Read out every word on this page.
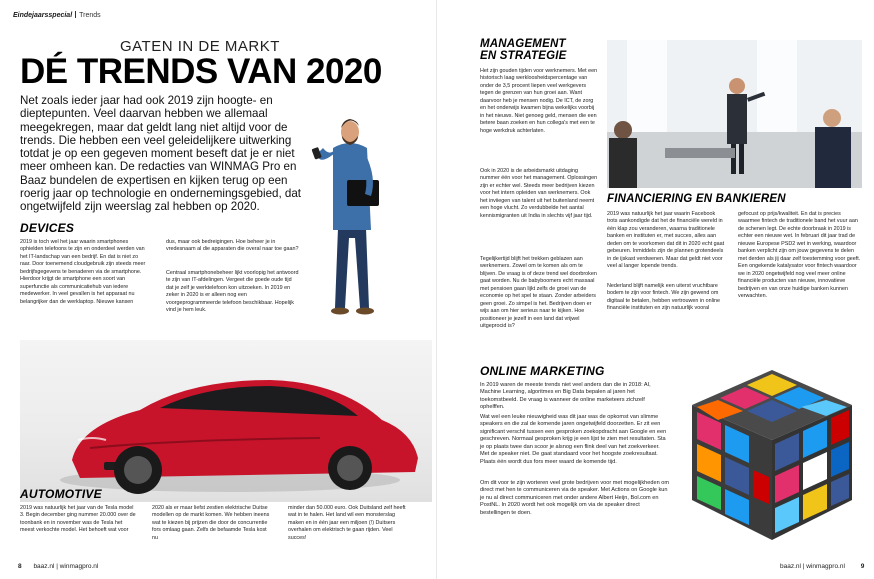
Eindejaarsspecial Trends
GATEN IN DE MARKT
DÉ TRENDS VAN 2020

Net zoals ieder jaar had ook 2019 zijn hoogte- en dieptepunten. Veel daarvan hebben we allemaal meegekregen, maar dat geldt lang niet altijd voor de trends. Die hebben een veel geleidelijkere uitwerking totdat je op een gegeven moment beseft dat je er niet meer omheen kan. De redacties van WINMAG Pro en Baaz bundelen de expertisen en kijken terug op een roerig jaar op technologie en ondernemingsgebied, dat ongetwijfeld zijn weerslag zal hebben op 2020.

DEVICES

2019 is toch wel het jaar waarin smartphones ophielden telefoons te zijn en onderdeel werden van het IT-landschap van een bedrijf. En dat is niet zo raar. Door toenemend cloudgebruik zijn steeds meer bedrijfsgegevens te benaderen via de smartphone. Hierdoor krijgt de smartphone een soort van superfunctie als communicatiehub van iedere medewerker. In veel gevallen is het apparaat nu belangrijker dan de werklaptop. Nieuwe kansen

dus, maar ook bedreigingen. Hoe beheer je in vredesnaam al die apparaten die overal naar toe gaan?

Centraal smartphonebeheer lijkt voorlopig het antwoord te zijn van IT-afdelingen. Vergeet die goede oude tijd dat je zelf je werktelefoon kon uitzoeken. In 2019 en zeker in 2020 is er alleen nog een voorgeprogrammeerde telefoon beschikbaar. Hopelijk vind je hem leuk.

AUTOMOTIVE

2019 was natuurlijk het jaar van de Tesla model 3. Begin december ging nummer 20.000 over de toonbank en in november was de Tesla het meest verkochte model. Het behoeft wat voor

2020 als er maar liefst zestien elektrische Duitse modellen op de markt komen. We hebben ineens wat te kiezen bij prijzen die door de concurrentie fors omlaag gaan. Zelfs de befaamde Tesla kost nu

minder dan 50.000 euro. Ook Duitsland zelf heeft wat in te halen. Het land wil een monsterslag maken en in één jaar een miljoen (!) Duitsers overhalen om elektrisch te gaan rijden. Veel succes!

8 baaz.nl | winmagpro.nl
MANAGEMENT
EN STRATEGIE

Het zijn gouden tijden voor werknemers. Met een historisch laag werkloosheidspercentage van onder de 3,5 procent liepen veel werkgevers tegen de grenzen van hun groei aan. Want daarvoor heb je mensen nodig. De ICT, de zorg en het onderwijs kwamen bijna wekelijks voorbij in het nieuws. Niet genoeg geld, mensen die een betere baan zoeken en hun collega's met een te hoge werkdruk achterlaten.

Ook in 2020 is de arbeidsmarkt uitdaging nummer één voor het management. Oplossingen zijn er echter wel. Steeds meer bedrijven kiezen voor het intern opleiden van werknemers. Ook het inviiegen van talent uit het buitenland neemt een hoge vlucht. Zo verdubbelde het aantal kennismigranten uit India in slechts vijf jaar tijd.

Tegelijkertijd blijft het trekken geblazen aan werknemers. Zowel om te komen als om te blijven. De vraag is of deze trend wel doorbroken gaat worden. Nu de babyboomers echt massaal met pensioen gaan lijkt zelfs de groei van de economie op het spel te staan. Zonder arbeiders geen groei. Zo simpel is het. Bedrijven doen er wijs aan om hier serieus naar te kijken. Hoe positioneer je jezelf in een land dat vrijwel uitgeprocid is?

FINANCIERING EN BANKIEREN

2019 was natuurlijk het jaar waarin Facebook trots aankondigde dat het de financiële wereld in één klap zou veranderen, waarna traditionele banken en instituten er, met succes, alles aan deden om te voorkomen dat dit in 2020 echt gaat gebeuren. Inmiddels zijn de plannen grotendeels in de ijskast verdwenen. Maar dat geldt niet voor veel al langer lopende trends.

Nederland blijft namelijk een uiterst vruchtbare bodem te zijn voor fintech. We zijn gewend om digitaal te betalen, hebben vertrouwen in online financiële instituten en zijn natuurlijk vooral

gefocust op prijs/kwaliteit. En dat is precies waarmee fintech de traditionele band het vuur aan de schenen legt. De echte doorbraak in 2019 is echter een nieuwe wet. In februari dit jaar trad de nieuwe Europese PSD2 wet in werking, waardoor banken verplicht zijn om jouw gegevens te delen met derden als jij daar zelf toestemming voor geeft. Een ongekende katalysator voor fintech waardoor we in 2020 ongetwijfeld nog veel meer online financiële producten van nieuwe, innovatieve bedrijven en van onze huidige banken kunnen verwachten.

ONLINE MARKETING

In 2019 waren de meeste trends niet veel anders dan die in 2018: AI, Machine Learning, algoritmes en Big Data bepalen al jaren het toekomstbeeld. De vraag is wanneer de online marketeers zichzelf ophelffen.

Wat wel een leuke nieuwigheid was dit jaar was de opkomst van slimme speakers en die zal de komende jaren ongetwijfeld doorzetten. Er zit een significant verschil tussen een gesproken zoekopdracht aan Google en een geschreven. Normaal gesproken krijg je een lijst te zien met resultaten. Sta je op plaats twee dan scoor je alsnog een flink deel van het zoekverkeer. Met de speaker niet. De gaat standaard voor het hoogste zoekresultaat. Plaats één wordt dus fors meer waard de komende tijd.

Om dit voor te zijn worteren veel grote bedrijven voor met mogelijkheden om direct met hen te communiceren via de speaker. Met Actions on Google kun je nu al direct communiceren met onder andere Albert Heijn, Bol.com en PostNL. In 2020 wordt het ook mogelijk om via de speaker direct bestellingen te doen.

baaz.nl | winmagpro.nl 9
